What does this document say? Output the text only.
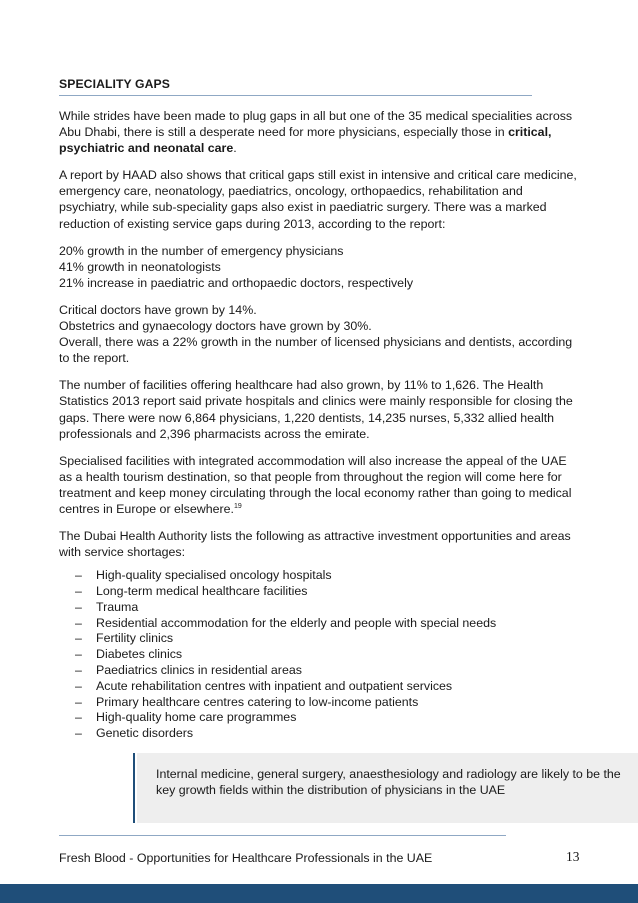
SPECIALITY GAPS

While strides have been made to plug gaps in all but one of the 35 medical specialities across Abu Dhabi, there is still a desperate need for more physicians, especially those in critical, psychiatric and neonatal care.

A report by HAAD also shows that critical gaps still exist in intensive and critical care medicine, emergency care, neonatology, paediatrics, oncology, orthopaedics, rehabilitation and psychiatry, while sub-speciality gaps also exist in paediatric surgery. There was a marked reduction of existing service gaps during 2013, according to the report:

20% growth in the number of emergency physicians
41% growth in neonatologists
21% increase in paediatric and orthopaedic doctors, respectively

Critical doctors have grown by 14%.
Obstetrics and gynaecology doctors have grown by 30%.
Overall, there was a 22% growth in the number of licensed physicians and dentists, according to the report.

The number of facilities offering healthcare had also grown, by 11% to 1,626. The Health Statistics 2013 report said private hospitals and clinics were mainly responsible for closing the gaps. There were now 6,864 physicians, 1,220 dentists, 14,235 nurses, 5,332 allied health professionals and 2,396 pharmacists across the emirate.

Specialised facilities with integrated accommodation will also increase the appeal of the UAE as a health tourism destination, so that people from throughout the region will come here for treatment and keep money circulating through the local economy rather than going to medical centres in Europe or elsewhere.$^{19}$

The Dubai Health Authority lists the following as attractive investment opportunities and areas with service shortages:

– High-quality specialised oncology hospitals
– Long-term medical healthcare facilities
– Trauma
– Residential accommodation for the elderly and people with special needs
– Fertility clinics
– Diabetes clinics
– Paediatrics clinics in residential areas
– Acute rehabilitation centres with inpatient and outpatient services
– Primary healthcare centres catering to low-income patients
– High-quality home care programmes
– Genetic disorders
Internal medicine, general surgery, anaesthesiology and radiology are likely to be the key growth fields within the distribution of physicians in the UAE
Fresh Blood - Opportunities for Healthcare Professionals in the UAE	13
